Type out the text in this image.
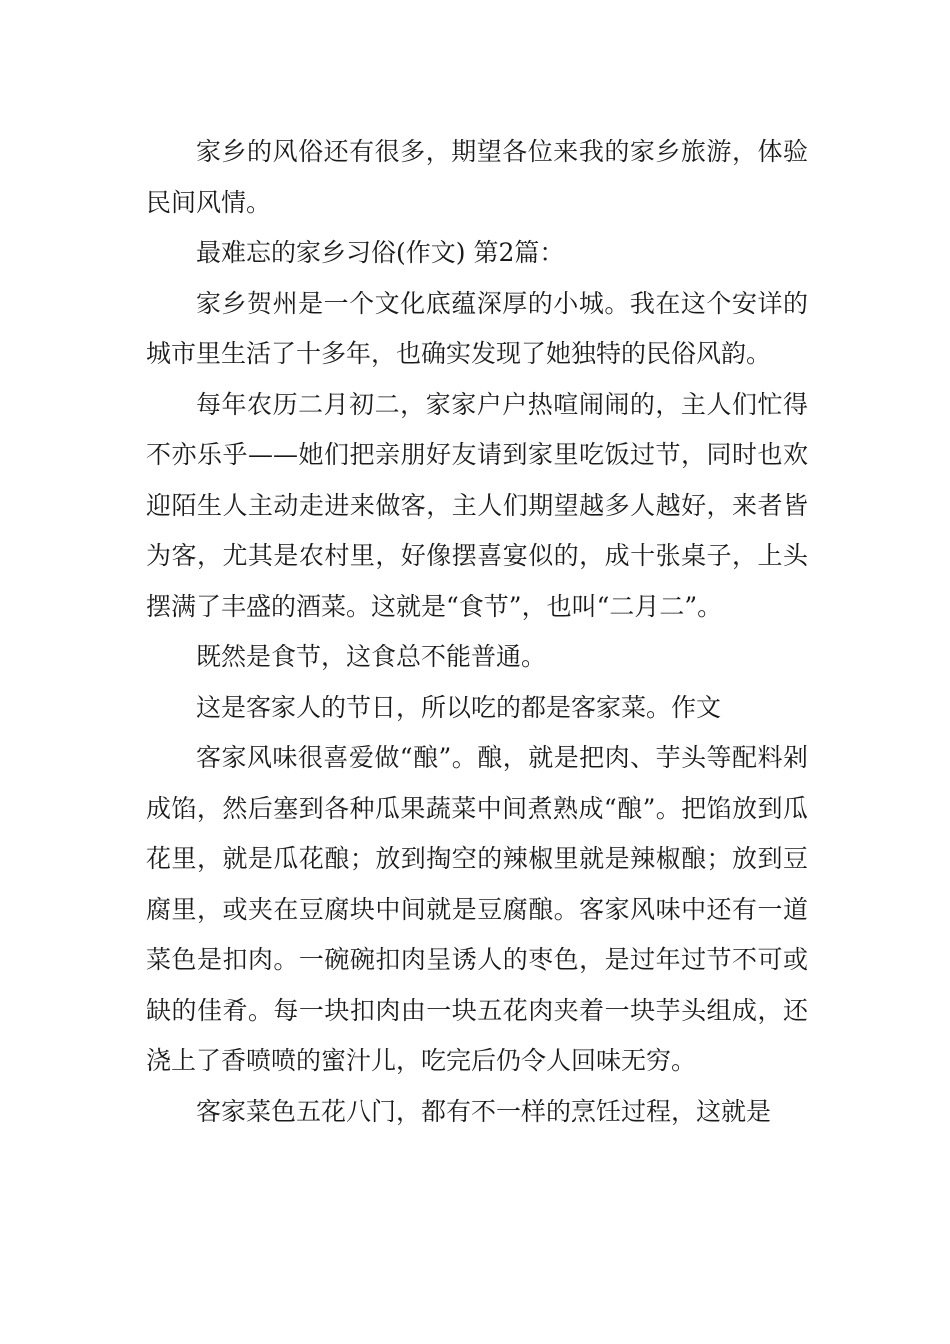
家乡的风俗还有很多，期望各位来我的家乡旅游，体验民间风情。

最难忘的家乡习俗(作文) 第2篇：

家乡贺州是一个文化底蕴深厚的小城。我在这个安详的城市里生活了十多年，也确实发现了她独特的民俗风韵。

每年农历二月初二，家家户户热喧闹闹的，主人们忙得不亦乐乎——她们把亲朋好友请到家里吃饭过节，同时也欢迎陌生人主动走进来做客，主人们期望越多人越好，来者皆为客，尤其是农村里，好像摆喜宴似的，成十张桌子，上头摆满了丰盛的酒菜。这就是“食节”，也叫“二月二”。

既然是食节，这食总不能普通。

这是客家人的节日，所以吃的都是客家菜。作文

客家风味很喜爱做“酿”。酿，就是把肉、芋头等配料剁成馅，然后塞到各种瓜果蔬菜中间煮熟成“酿”。把馅放到瓜花里，就是瓜花酿；放到掏空的辣椒里就是辣椒酿；放到豆腐里，或夹在豆腐块中间就是豆腐酿。客家风味中还有一道菜色是扣肉。一碗碗扣肉呈诱人的枣色，是过年过节不可或缺的佳肴。每一块扣肉由一块五花肉夹着一块芋头组成，还浇上了香喷喷的蜜汁儿，吃完后仍令人回味无穷。

客家菜色五花八门，都有不一样的烹饪过程，这就是
